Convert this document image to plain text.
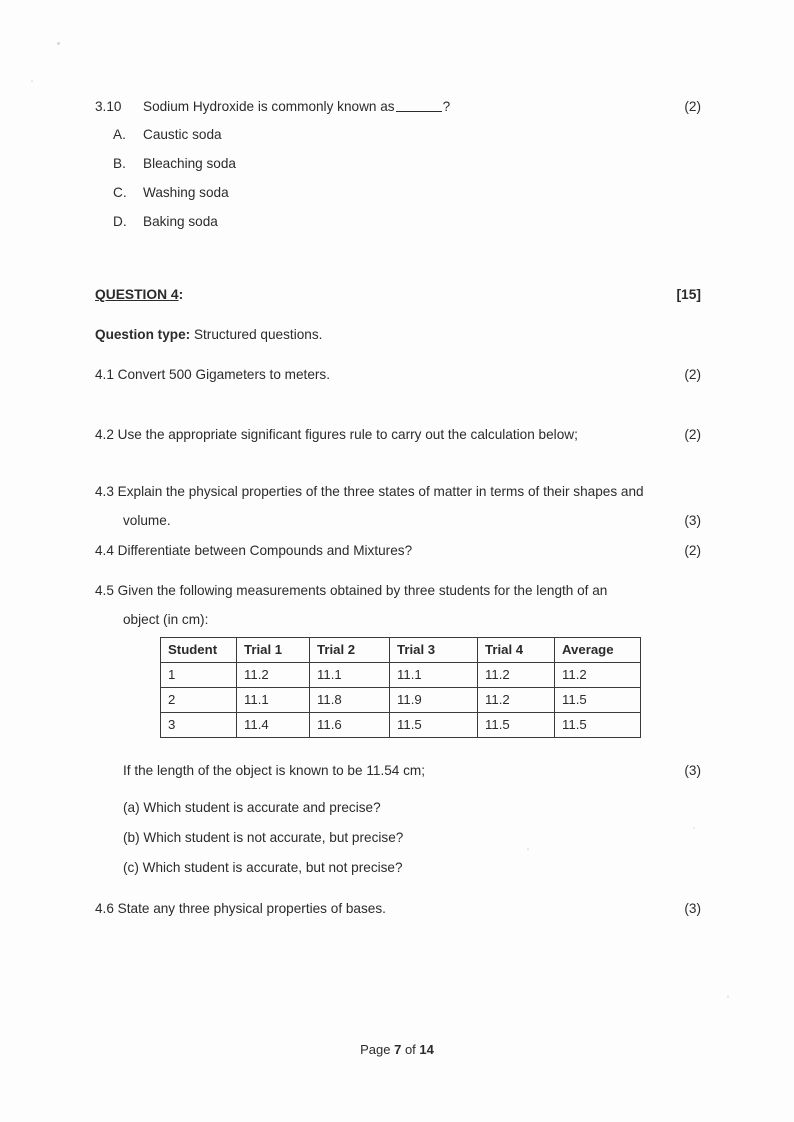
3.10 Sodium Hydroxide is commonly known as	?	(2)
A. Caustic soda
B. Bleaching soda
C. Washing soda
D. Baking soda
QUESTION 4:	[15]
Question type: Structured questions.
4.1 Convert 500 Gigameters to meters.	(2)
4.2 Use the appropriate significant figures rule to carry out the calculation below;	(2)
4.3 Explain the physical properties of the three states of matter in terms of their shapes and
volume.	(3)
4.4 Differentiate between Compounds and Mixtures?	(2)
4.5 Given the following measurements obtained by three students for the length of an
object (in cm):
Student	Trial 1	Trial 2	Trial 3	Trial 4	Average
1	11.2	11.1	11.1	11.2	11.2
2	11.1	11.8	11.9	11.2	11.5
3	11.4	11.6	11.5	11.5	11.5
If the length of the object is known to be 11.54 cm;	(3)
(a) Which student is accurate and precise?
(b) Which student is not accurate, but precise?
(c) Which student is accurate, but not precise?
4.6 State any three physical properties of bases.	(3)
Page 7 of 14
